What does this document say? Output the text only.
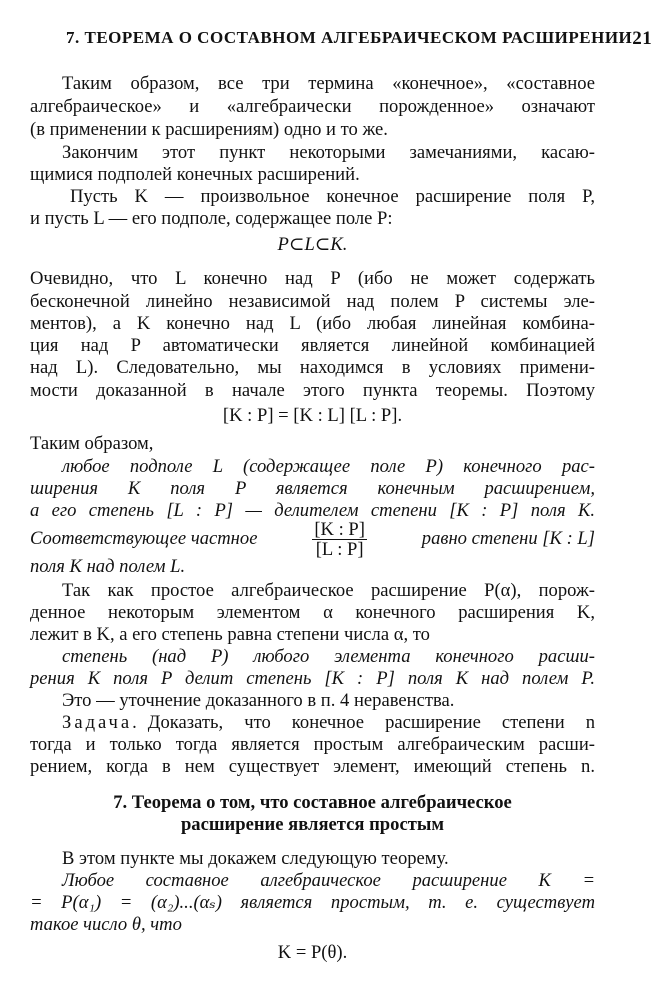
7. ТЕОРЕМА О СОСТАВНОМ АЛГЕБРАИЧЕСКОМ РАСШИРЕНИИ 21
Таким образом, все три термина «конечное», «составное
алгебраическое» и «алгебраически порожденное» означают
(в применении к расширениям) одно и то же.
Закончим этот пункт некоторыми замечаниями, касаю-
щимися подполей конечных расширений.
Пусть K — произвольное конечное расширение поля P,
и пусть L — его подполе, содержащее поле P:
P⊂L⊂K.
Очевидно, что L конечно над P (ибо не может содержать
бесконечной линейно независимой над полем P системы эле-
ментов), а K конечно над L (ибо любая линейная комбина-
ция над P автоматически является линейной комбинацией
над L). Следовательно, мы находимся в условиях примени-
мости доказанной в начале этого пункта теоремы. Поэтому
[K : P] = [K : L] [L : P].
Таким образом,
любое подполе L (содержащее поле P) конечного рас-
ширения K поля P является конечным расширением,
а его степень [L : P] — делителем степени [K : P] поля K.
Соответствующее частное	$\frac{[K : P]}{[L : P]}$	равно степени [K : L]
поля K над полем L.
Так как простое алгебраическое расширение P(α), порож-
денное некоторым элементом α конечного расширения K,
лежит в K, а его степень равна степени числа α, то
степень (над P) любого элемента конечного расши-
рения K поля P делит степень [K : P] поля K над полем P.
Это — уточнение доказанного в п. 4 неравенства.
Задача. Доказать, что конечное расширение степени n
тогда и только тогда является простым алгебраическим расши-
рением, когда в нем существует элемент, имеющий степень n.
7. Теорема о том, что составное алгебраическое
расширение является простым
В этом пункте мы докажем следующую теорему.
Любое составное алгебраическое расширение K =
= P(α₁) = (α₂)...(αₛ) является простым, т. е. существует
такое число θ, что
K = P(θ).
